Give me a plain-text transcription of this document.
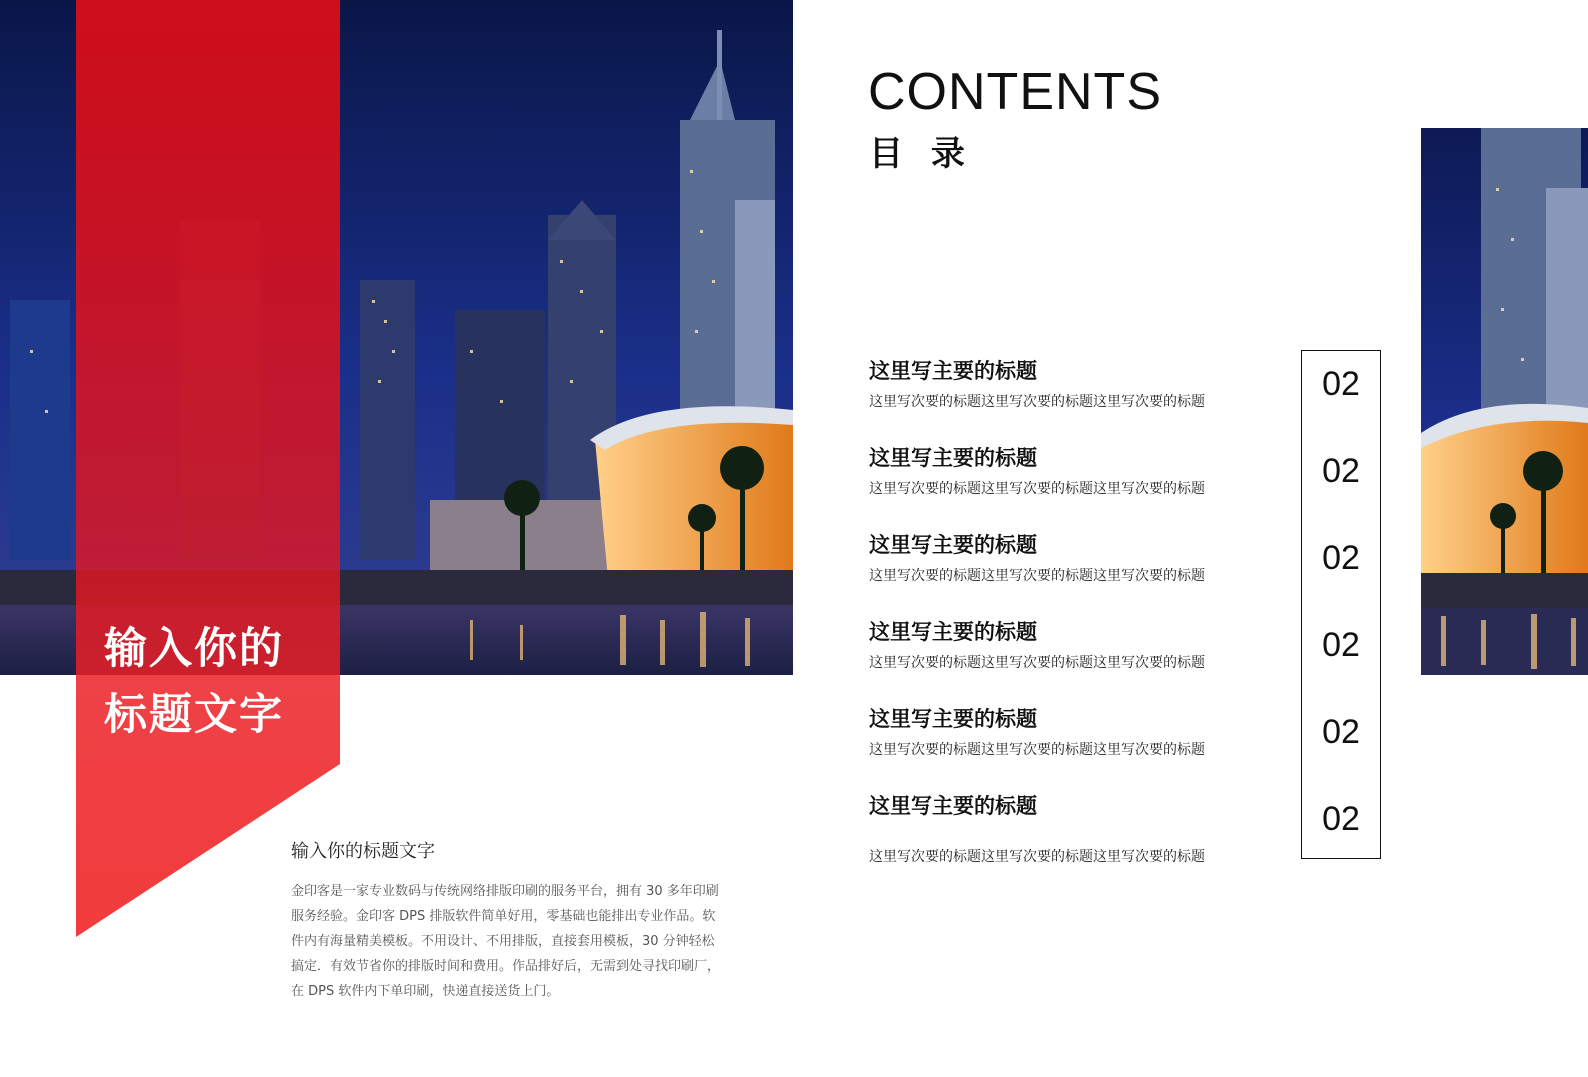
输入你的
标题文字
输入你的标题文字
金印客是一家专业数码与传统网络排版印刷的服务平台，拥有 30 多年印刷服务经验。金印客 DPS 排版软件简单好用，零基础也能排出专业作品。软件内有海量精美模板。不用设计、不用排版，直接套用模板，30 分钟轻松搞定．有效节省你的排版时间和费用。作品排好后，无需到处寻找印刷厂，在 DPS 软件内下单印刷，快递直接送货上门。
CONTENTS
目 录
这里写主要的标题
这里写次要的标题这里写次要的标题这里写次要的标题
这里写主要的标题
这里写次要的标题这里写次要的标题这里写次要的标题
这里写主要的标题
这里写次要的标题这里写次要的标题这里写次要的标题
这里写主要的标题
这里写次要的标题这里写次要的标题这里写次要的标题
这里写主要的标题
这里写次要的标题这里写次要的标题这里写次要的标题
这里写主要的标题
这里写次要的标题这里写次要的标题这里写次要的标题
02
02
02
02
02
02
